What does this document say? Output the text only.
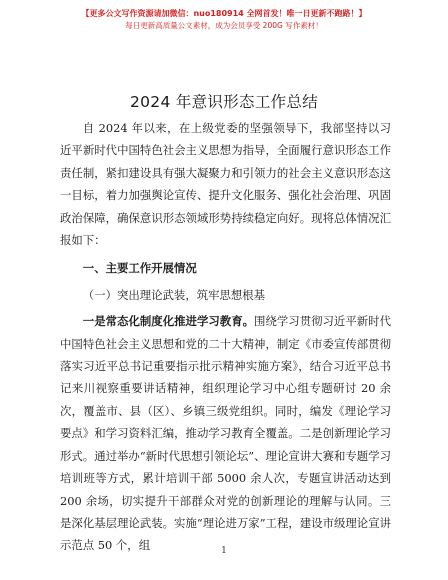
【更多公文写作资源请加微信：nuo180914 全网首发！唯一日更新不跑路！】
每日更新高质量公文素材，成为会员享受 200G 写作素材！
2024 年意识形态工作总结

自 2024 年以来，在上级党委的坚强领导下，我部坚持以习近平新时代中国特色社会主义思想为指导，全面履行意识形态工作责任制，紧扣建设具有强大凝聚力和引领力的社会主义意识形态这一目标，着力加强舆论宣传、提升文化服务、强化社会治理、巩固政治保障，确保意识形态领域形势持续稳定向好。现将总体情况汇报如下：

一、主要工作开展情况
（一）突出理论武装，筑牢思想根基

一是常态化制度化推进学习教育。围绕学习贯彻习近平新时代中国特色社会主义思想和党的二十大精神，制定《市委宣传部贯彻落实习近平总书记重要指示批示精神实施方案》，结合习近平总书记来川视察重要讲话精神，组织理论学习中心组专题研讨 20 余次，覆盖市、县（区）、乡镇三级党组织。同时，编发《理论学习要点》和学习资料汇编，推动学习教育全覆盖。二是创新理论学习形式。通过举办“新时代思想引领论坛”、理论宣讲大赛和专题学习培训班等方式，累计培训干部 5000 余人次，专题宣讲活动达到 200 余场，切实提升干部群众对党的创新理论的理解与认同。三是深化基层理论武装。实施“理论进万家”工程，建设市级理论宣讲示范点 50 个，组	1
